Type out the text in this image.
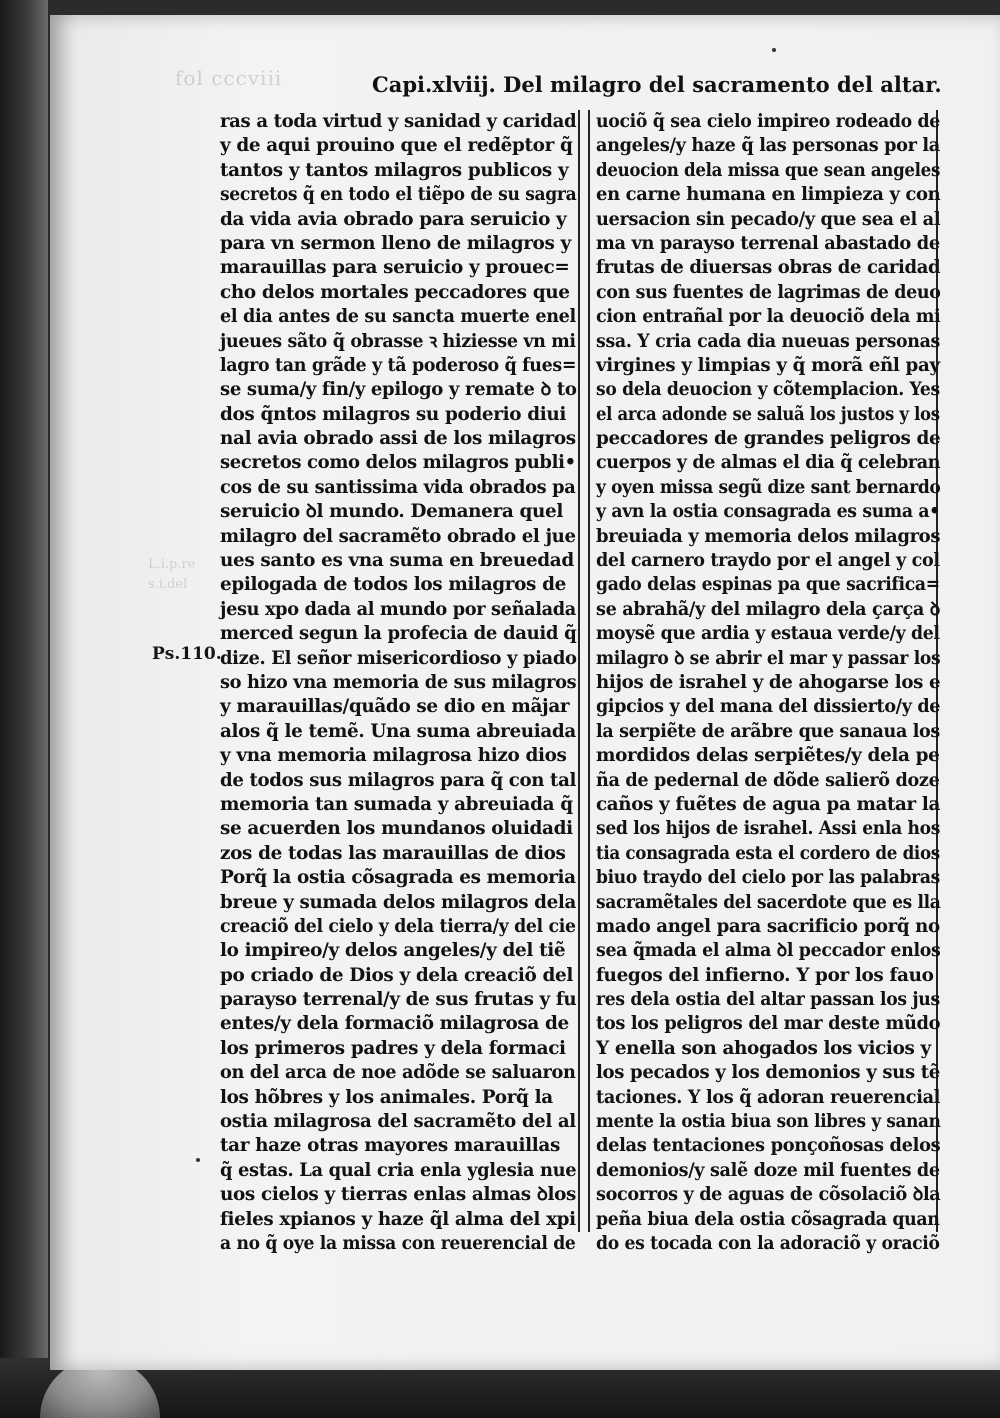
fol cccviii
L.i.p.re s.i.del
Capi.xlviij. Del milagro del sacramento del altar.
ras a toda virtud y sanidad y caridad
y de aqui prouino que el redẽptor q̃
tantos y tantos milagros publicos y
secretos q̃ en todo el tiẽpo de su sagra
da vida avia obrado para seruicio y
para vn sermon lleno de milagros y
marauillas para seruicio y prouec=
cho delos mortales peccadores que
el dia antes de su sancta muerte enel
jueues sãto q̃ obrasse ꝛ hiziesse vn mi
lagro tan grãde y tã poderoso q̃ fues=
se suma/y fin/y epilogo y remate ꝺ to
dos q̃ntos milagros su poderio diui
nal avia obrado assi de los milagros
secretos como delos milagros publi•
cos de su santissima vida obrados pa
seruicio ꝺl mundo. Demanera quel
milagro del sacramẽto obrado el jue
ues santo es vna suma en breuedad
epilogada de todos los milagros de
jesu xpo dada al mundo por señalada
merced segun la profecia de dauid q̃
dize. El señor misericordioso y piado
so hizo vna memoria de sus milagros
y marauillas/quãdo se dio en mãjar
alos q̃ le temẽ. Una suma abreuiada
y vna memoria milagrosa hizo dios
de todos sus milagros para q̃ con tal
memoria tan sumada y abreuiada q̃
se acuerden los mundanos oluidadi
zos de todas las marauillas de dios
Porq̃ la ostia cõsagrada es memoria
breue y sumada delos milagros dela
creaciõ del cielo y dela tierra/y del cie
lo impireo/y delos angeles/y del tiẽ
po criado de Dios y dela creaciõ del
parayso terrenal/y de sus frutas y fu
entes/y dela formaciõ milagrosa de
los primeros padres y dela formaci
on del arca de noe adõde se saluaron
los hõbres y los animales. Porq̃ la
ostia milagrosa del sacramẽto del al
tar haze otras mayores marauillas
q̃ estas. La qual cria enla yglesia nue
uos cielos y tierras enlas almas ꝺlos
fieles xpianos y haze q̃l alma del xpi
a no q̃ oye la missa con reuerencial de
uociõ q̃ sea cielo impireo rodeado de
angeles/y haze q̃ las personas por la
deuocion dela missa que sean angeles
en carne humana en limpieza y con
uersacion sin pecado/y que sea el al
ma vn parayso terrenal abastado de
frutas de diuersas obras de caridad
con sus fuentes de lagrimas de deuo
cion entrañal por la deuociõ dela mi
ssa. Y cria cada dia nueuas personas
virgines y limpias y q̃ morã eñl pay
so dela deuocion y cõtemplacion. Yes
el arca adonde se saluã los justos y los
peccadores de grandes peligros de
cuerpos y de almas el dia q̃ celebran
y oyen missa segũ dize sant bernardo
y avn la ostia consagrada es suma a•
breuiada y memoria delos milagros
del carnero traydo por el angel y col
gado delas espinas pa que sacrifica=
se abrahã/y del milagro dela çarça ꝺ
moysẽ que ardia y estaua verde/y del
milagro ꝺ se abrir el mar y passar los
hijos de israhel y de ahogarse los e
gipcios y del mana del dissierto/y de
la serpiẽte de arãbre que sanaua los
mordidos delas serpiẽtes/y dela pe
ña de pedernal de dõde salierõ doze
caños y fuẽtes de agua pa matar la
sed los hijos de israhel. Assi enla hos
tia consagrada esta el cordero de dios
biuo traydo del cielo por las palabras
sacramẽtales del sacerdote que es lla
mado angel para sacrificio porq̃ no
sea q̃mada el alma ꝺl peccador enlos
fuegos del infierno. Y por los fauo
res dela ostia del altar passan los jus
tos los peligros del mar deste mũdo
Y enella son ahogados los vicios y
los pecados y los demonios y sus tẽ
taciones. Y los q̃ adoran reuerencial
mente la ostia biua son libres y sanan
delas tentaciones ponçoñosas delos
demonios/y salẽ doze mil fuentes de
socorros y de aguas de cõsolaciõ ꝺla
peña biua dela ostia cõsagrada quan
do es tocada con la adoraciõ y oraciõ
Ps.110.
